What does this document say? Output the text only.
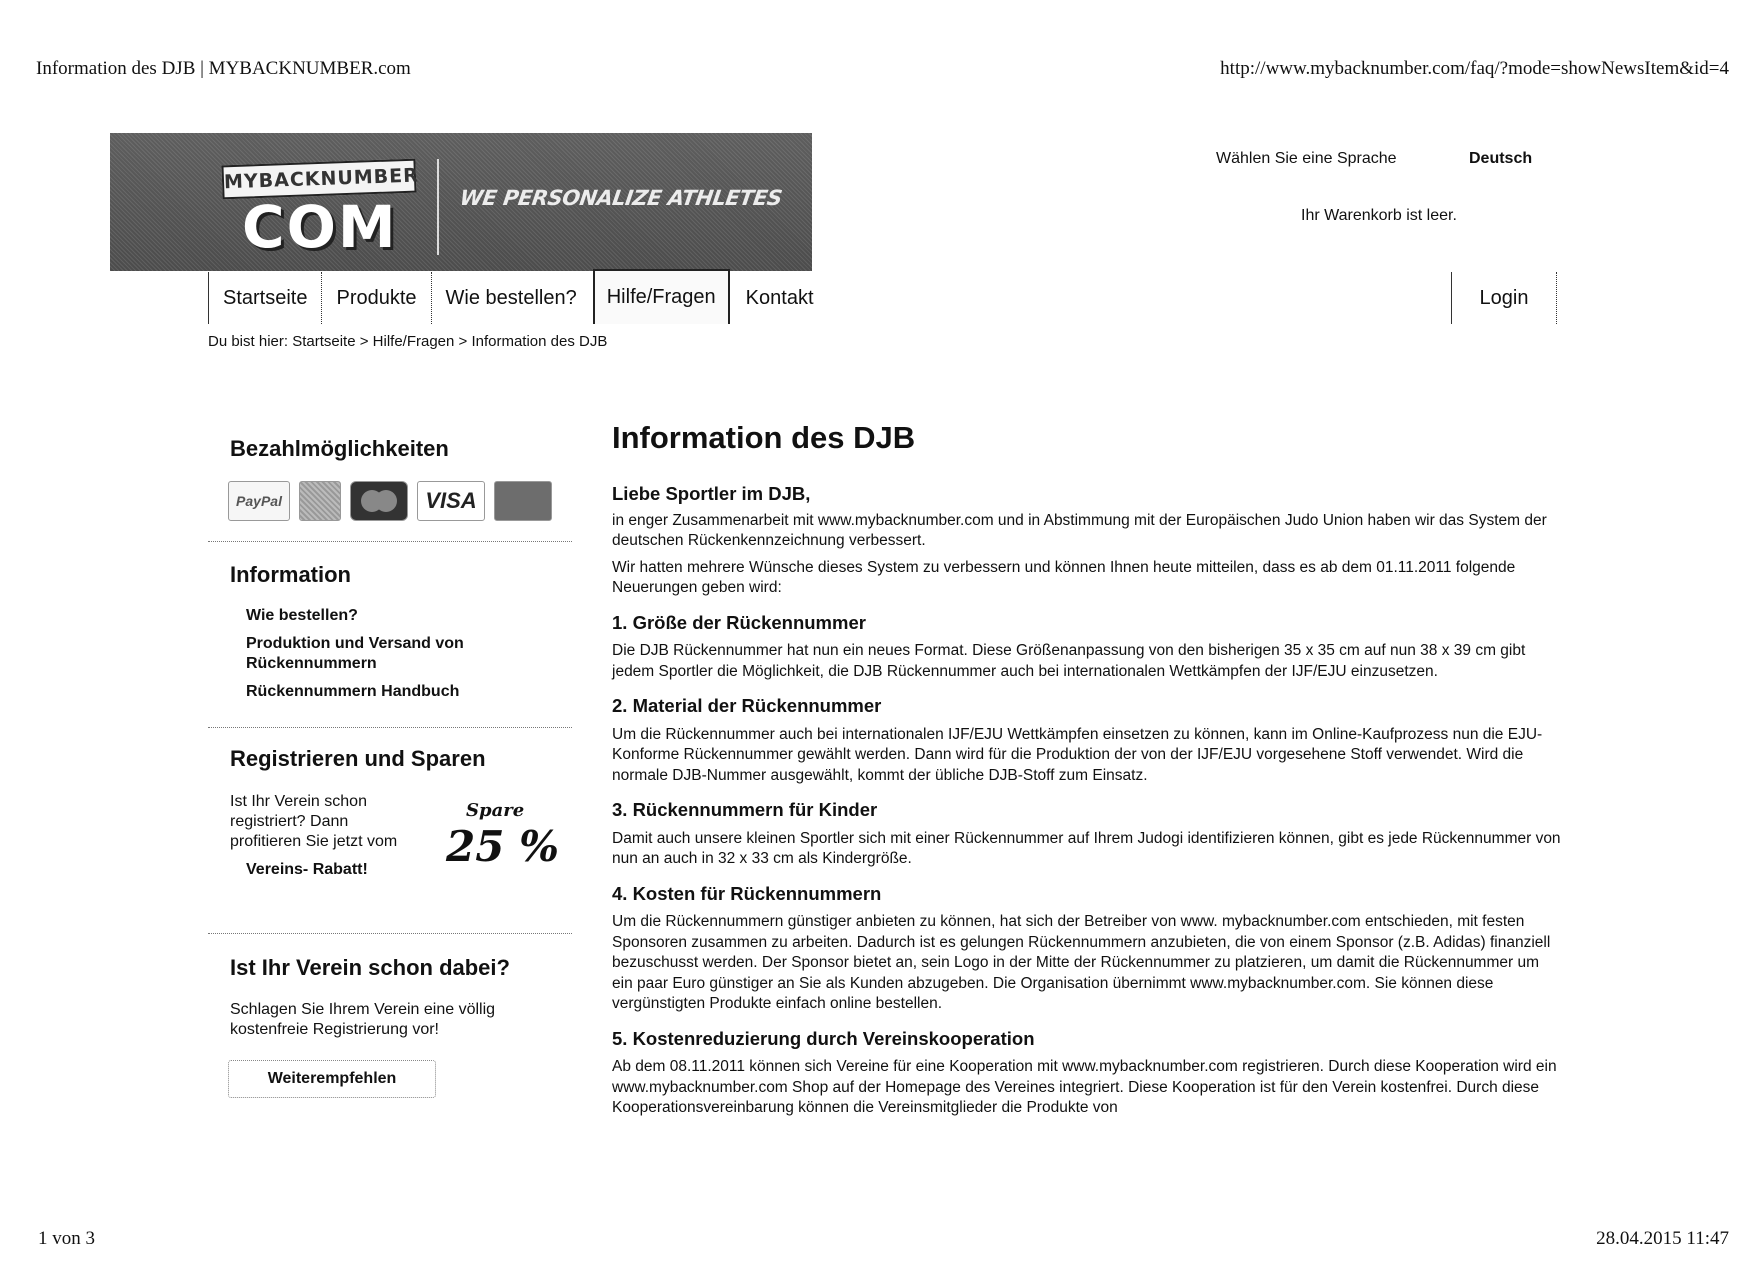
Information des DJB | MYBACKNUMBER.com	http://www.mybacknumber.com/faq/?mode=showNewsItem&id=4
1 von 3	28.04.2015 11:47
MYBACKNUMBER
COM	WE PERSONALIZE ATHLETES
Wählen Sie eine Sprache	Deutsch
Ihr Warenkorb ist leer.
Startseite	Produkte	Wie bestellen?	Hilfe/Fragen	Kontakt	Login
Du bist hier: Startseite > Hilfe/Fragen > Information des DJB
Bezahlmöglichkeiten
PayPal	VISA
Information
Wie bestellen?
Produktion und Versand von Rückennummern
Rückennummern Handbuch
Registrieren und Sparen
Ist Ihr Verein schon registriert? Dann profitieren Sie jetzt vom
Vereins- Rabatt!
Spare
25 %
Ist Ihr Verein schon dabei?
Schlagen Sie Ihrem Verein eine völlig kostenfreie Registrierung vor!
Weiterempfehlen
Information des DJB

Liebe Sportler im DJB,

in enger Zusammenarbeit mit www.mybacknumber.com und in Abstimmung mit der Europäischen Judo Union haben wir das System der deutschen Rückenkennzeichnung verbessert.

Wir hatten mehrere Wünsche dieses System zu verbessern und können Ihnen heute mitteilen, dass es ab dem 01.11.2011 folgende Neuerungen geben wird:

1. Größe der Rückennummer

Die DJB Rückennummer hat nun ein neues Format. Diese Größenanpassung von den bisherigen 35 x 35 cm auf nun 38 x 39 cm gibt jedem Sportler die Möglichkeit, die DJB Rückennummer auch bei internationalen Wettkämpfen der IJF/EJU einzusetzen.

2. Material der Rückennummer

Um die Rückennummer auch bei internationalen IJF/EJU Wettkämpfen einsetzen zu können, kann im Online-Kaufprozess nun die EJU-Konforme Rückennummer gewählt werden. Dann wird für die Produktion der von der IJF/EJU vorgesehene Stoff verwendet. Wird die normale DJB-Nummer ausgewählt, kommt der übliche DJB-Stoff zum Einsatz.

3. Rückennummern für Kinder

Damit auch unsere kleinen Sportler sich mit einer Rückennummer auf Ihrem Judogi identifizieren können, gibt es jede Rückennummer von nun an auch in 32 x 33 cm als Kindergröße.

4. Kosten für Rückennummern

Um die Rückennummern günstiger anbieten zu können, hat sich der Betreiber von www. mybacknumber.com entschieden, mit festen Sponsoren zusammen zu arbeiten. Dadurch ist es gelungen Rückennummern anzubieten, die von einem Sponsor (z.B. Adidas) finanziell bezuschusst werden. Der Sponsor bietet an, sein Logo in der Mitte der Rückennummer zu platzieren, um damit die Rückennummer um ein paar Euro günstiger an Sie als Kunden abzugeben. Die Organisation übernimmt www.mybacknumber.com. Sie können diese vergünstigten Produkte einfach online bestellen.

5. Kostenreduzierung durch Vereinskooperation

Ab dem 08.11.2011 können sich Vereine für eine Kooperation mit www.mybacknumber.com registrieren. Durch diese Kooperation wird ein www.mybacknumber.com Shop auf der Homepage des Vereines integriert. Diese Kooperation ist für den Verein kostenfrei. Durch diese Kooperationsvereinbarung können die Vereinsmitglieder die Produkte von
